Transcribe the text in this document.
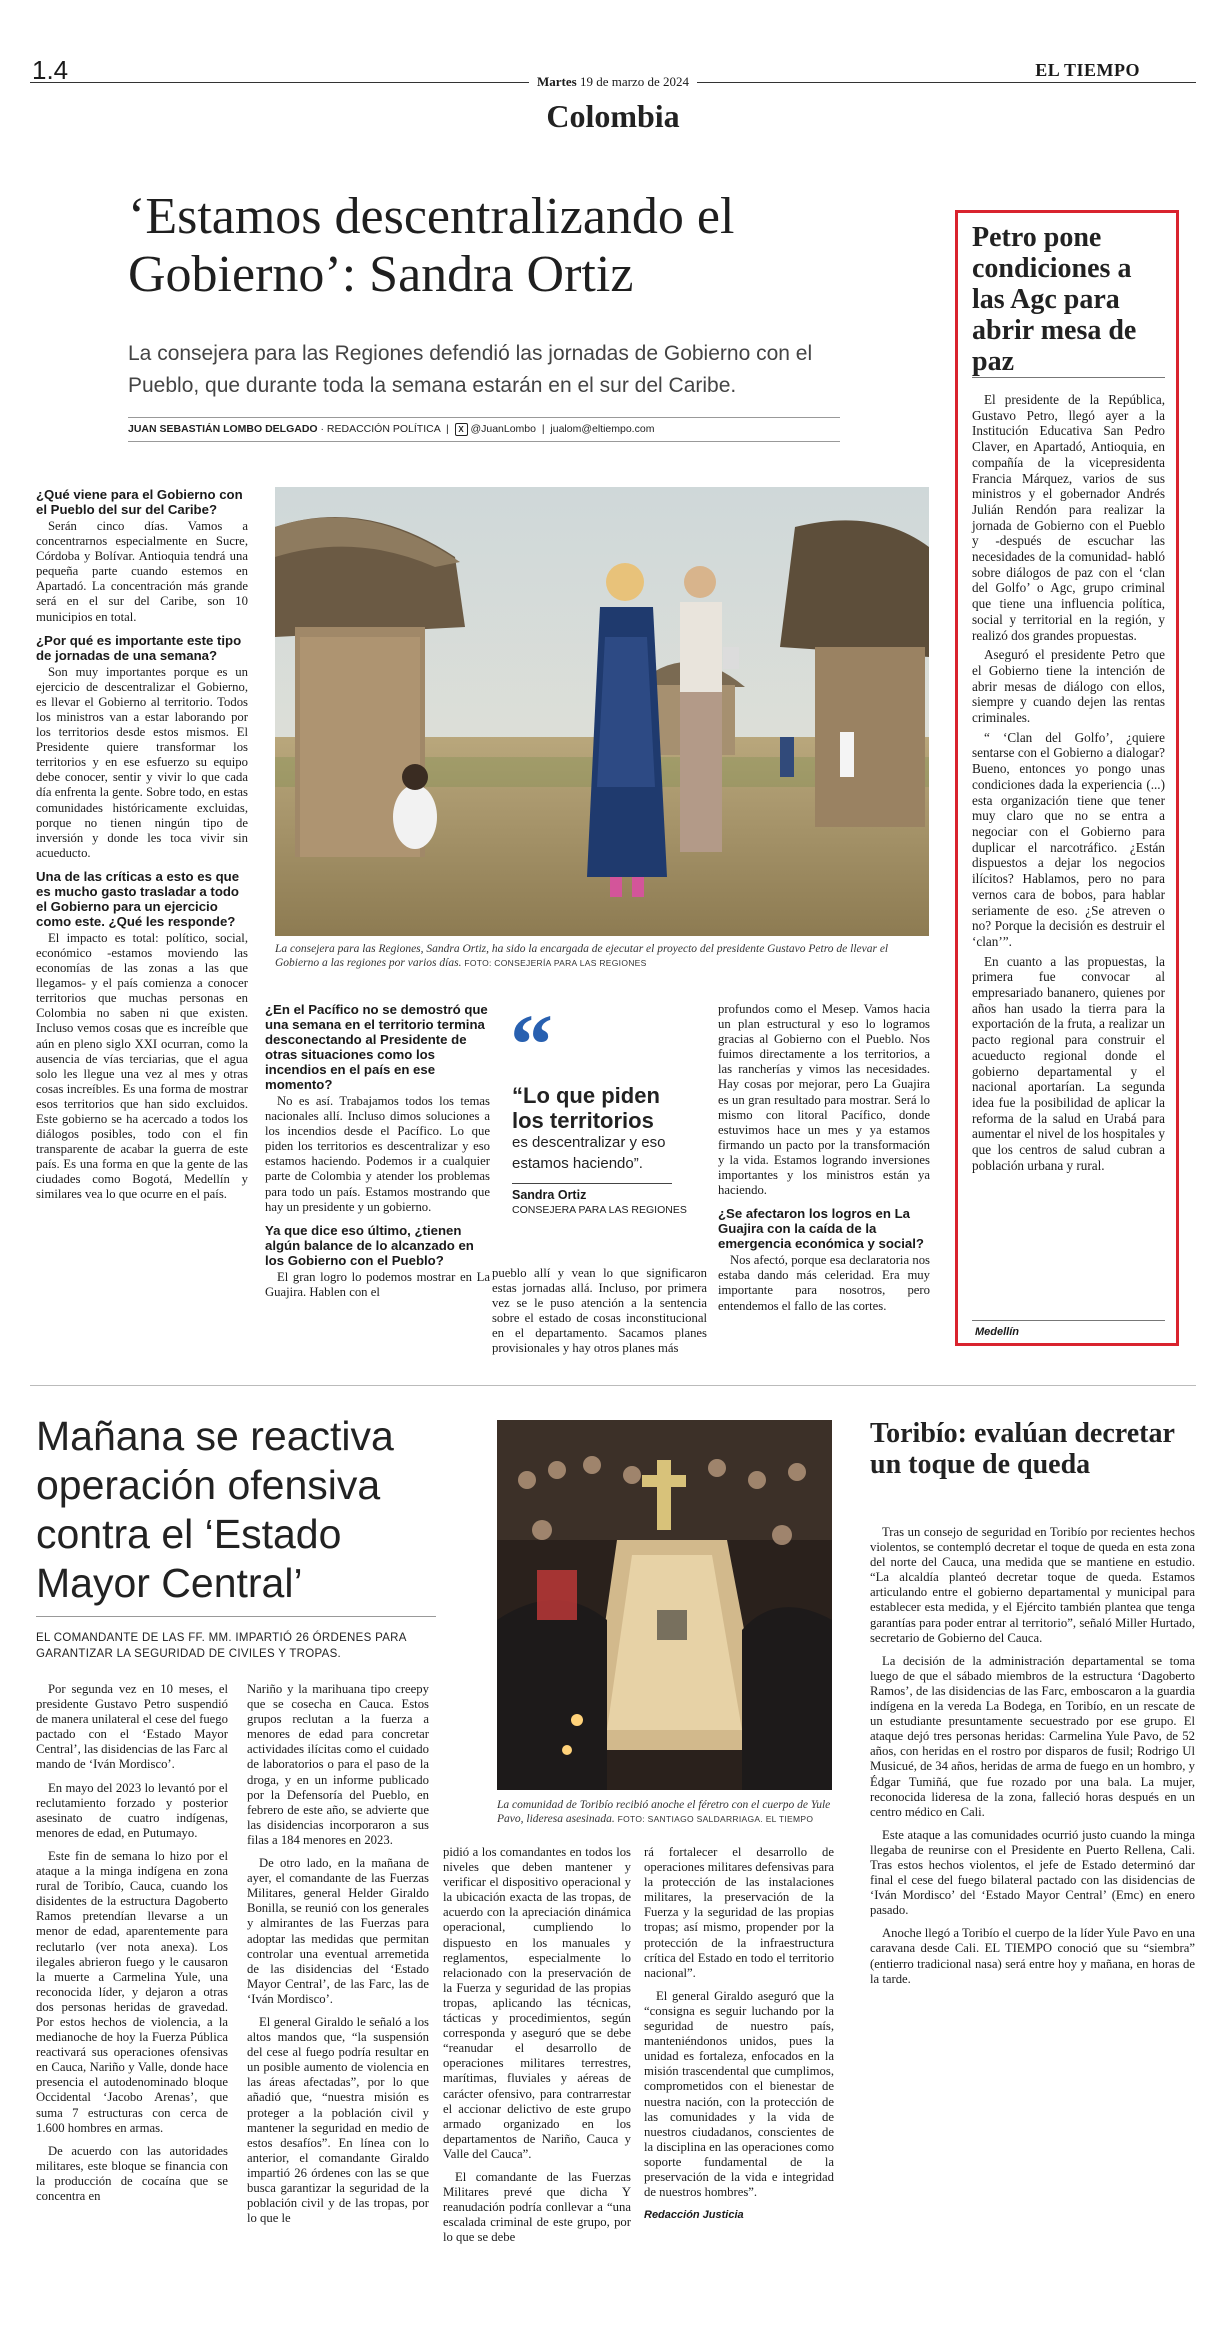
1.4	Martes 19 de marzo de 2024
Colombia
EL TIEMPO
‘Estamos descentralizando el Gobierno’: Sandra Ortiz
La consejera para las Regiones defendió las jornadas de Gobierno con el Pueblo, que durante toda la semana estarán en el sur del Caribe.
JUAN SEBASTIÁN LOMBO DELGADO · REDACCIÓN POLÍTICA  |  X @JuanLombo  |  jualom@eltiempo.com
La consejera para las Regiones, Sandra Ortiz, ha sido la encargada de ejecutar el proyecto del presidente Gustavo Petro de llevar el Gobierno a las regiones por varios días. FOTO: CONSEJERÍA PARA LAS REGIONES
¿Qué viene para el Gobierno con el Pueblo del sur del Caribe?

Serán cinco días. Vamos a concentrarnos especialmente en Sucre, Córdoba y Bolívar. Antioquia tendrá una pequeña parte cuando estemos en Apartadó. La concentración más grande será en el sur del Caribe, son 10 municipios en total.

¿Por qué es importante este tipo de jornadas de una semana?

Son muy importantes porque es un ejercicio de descentralizar el Gobierno, es llevar el Gobierno al territorio. Todos los ministros van a estar laborando por los territorios desde estos mismos. El Presidente quiere transformar los territorios y en ese esfuerzo su equipo debe conocer, sentir y vivir lo que cada día enfrenta la gente. Sobre todo, en estas comunidades históricamente excluidas, porque no tienen ningún tipo de inversión y donde les toca vivir sin acueducto.

Una de las críticas a esto es que es mucho gasto trasladar a todo el Gobierno para un ejercicio como este. ¿Qué les responde?

El impacto es total: político, social, económico -estamos moviendo las economías de las zonas a las que llegamos- y el país comienza a conocer territorios que muchas personas en Colombia no saben ni que existen. Incluso vemos cosas que es increíble que aún en pleno siglo XXI ocurran, como la ausencia de vías terciarias, que el agua solo les llegue una vez al mes y otras cosas increíbles. Es una forma de mostrar esos territorios que han sido excluidos. Este gobierno se ha acercado a todos los diálogos posibles, todo con el fin transparente de acabar la guerra de este país. Es una forma en que la gente de las ciudades como Bogotá, Medellín y similares vea lo que ocurre en el país.

¿En el Pacífico no se demostró que una semana en el territorio termina desconectando al Presidente de otras situaciones como los incendios en el país en ese momento?

No es así. Trabajamos todos los temas nacionales allí. Incluso dimos soluciones a los incendios desde el Pacífico. Lo que piden los territorios es descentralizar y eso estamos haciendo. Podemos ir a cualquier parte de Colombia y atender los problemas para todo un país. Estamos mostrando que hay un presidente y un gobierno.

Ya que dice eso último, ¿tienen algún balance de lo alcanzado en los Gobierno con el Pueblo?

El gran logro lo podemos mostrar en La Guajira. Hablen con el

“
“Lo que piden los territorios
es descentralizar y eso estamos haciendo”.
Sandra Ortiz
CONSEJERA PARA LAS REGIONES

pueblo allí y vean lo que significaron estas jornadas allá. Incluso, por primera vez se le puso atención a la sentencia sobre el estado de cosas inconstitucional en el departamento. Sacamos planes provisionales y hay otros planes más

profundos como el Mesep. Vamos hacia un plan estructural y eso lo logramos gracias al Gobierno con el Pueblo. Nos fuimos directamente a los territorios, a las rancherías y vimos las necesidades. Hay cosas por mejorar, pero La Guajira es un gran resultado para mostrar. Será lo mismo con litoral Pacífico, donde estuvimos hace un mes y ya estamos firmando un pacto por la transformación y la vida. Estamos logrando inversiones importantes y los ministros están ya haciendo.

¿Se afectaron los logros en La Guajira con la caída de la emergencia económica y social?

Nos afectó, porque esa declaratoria nos estaba dando más celeridad. Era muy importante para nosotros, pero entendemos el fallo de las cortes.

Petro pone condiciones a las Agc para abrir mesa de paz

El presidente de la República, Gustavo Petro, llegó ayer a la Institución Educativa San Pedro Claver, en Apartadó, Antioquia, en compañía de la vicepresidenta Francia Márquez, varios de sus ministros y el gobernador Andrés Julián Rendón para realizar la jornada de Gobierno con el Pueblo y -después de escuchar las necesidades de la comunidad- habló sobre diálogos de paz con el ‘clan del Golfo’ o Agc, grupo criminal que tiene una influencia política, social y territorial en la región, y realizó dos grandes propuestas.

Aseguró el presidente Petro que el Gobierno tiene la intención de abrir mesas de diálogo con ellos, siempre y cuando dejen las rentas criminales.

“ ‘Clan del Golfo’, ¿quiere sentarse con el Gobierno a dialogar? Bueno, entonces yo pongo unas condiciones dada la experiencia (...) esta organización tiene que tener muy claro que no se entra a negociar con el Gobierno para duplicar el narcotráfico. ¿Están dispuestos a dejar los negocios ilícitos? Hablamos, pero no para vernos cara de bobos, para hablar seriamente de eso. ¿Se atreven o no? Porque la decisión es destruir el ‘clan’”.

En cuanto a las propuestas, la primera fue convocar al empresariado bananero, quienes por años han usado la tierra para la exportación de la fruta, a realizar un pacto regional para construir el acueducto regional donde el gobierno departamental y el nacional aportarían. La segunda idea fue la posibilidad de aplicar la reforma de la salud en Urabá para aumentar el nivel de los hospitales y que los centros de salud cubran a población urbana y rural.

Medellín
Mañana se reactiva operación ofensiva contra el ‘Estado Mayor Central’
EL COMANDANTE DE LAS FF. MM. IMPARTIÓ 26 ÓRDENES PARA GARANTIZAR LA SEGURIDAD DE CIVILES Y TROPAS.
La comunidad de Toribío recibió anoche el féretro con el cuerpo de Yule Pavo, lideresa asesinada. FOTO: SANTIAGO SALDARRIAGA. EL TIEMPO

Por segunda vez en 10 meses, el presidente Gustavo Petro suspendió de manera unilateral el cese del fuego pactado con el ‘Estado Mayor Central’, las disidencias de las Farc al mando de ‘Iván Mordisco’.

En mayo del 2023 lo levantó por el reclutamiento forzado y posterior asesinato de cuatro indígenas, menores de edad, en Putumayo.

Este fin de semana lo hizo por el ataque a la minga indígena en zona rural de Toribío, Cauca, cuando los disidentes de la estructura Dagoberto Ramos pretendían llevarse a un menor de edad, aparentemente para reclutarlo (ver nota anexa). Los ilegales abrieron fuego y le causaron la muerte a Carmelina Yule, una reconocida líder, y dejaron a otras dos personas heridas de gravedad. Por estos hechos de violencia, a la medianoche de hoy la Fuerza Pública reactivará sus operaciones ofensivas en Cauca, Nariño y Valle, donde hace presencia el autodenominado bloque Occidental ‘Jacobo Arenas’, que suma 7 estructuras con cerca de 1.600 hombres en armas.

De acuerdo con las autoridades militares, este bloque se financia con la producción de cocaína que se concentra en

Nariño y la marihuana tipo creepy que se cosecha en Cauca. Estos grupos reclutan a la fuerza a menores de edad para concretar actividades ilícitas como el cuidado de laboratorios o para el paso de la droga, y en un informe publicado por la Defensoría del Pueblo, en febrero de este año, se advierte que las disidencias incorporaron a sus filas a 184 menores en 2023.

De otro lado, en la mañana de ayer, el comandante de las Fuerzas Militares, general Helder Giraldo Bonilla, se reunió con los generales y almirantes de las Fuerzas para adoptar las medidas que permitan controlar una eventual arremetida de las disidencias del ‘Estado Mayor Central’, de las Farc, las de ‘Iván Mordisco’.

El general Giraldo le señaló a los altos mandos que, “la suspensión del cese al fuego podría resultar en un posible aumento de violencia en las áreas afectadas”, por lo que añadió que, “nuestra misión es proteger a la población civil y mantener la seguridad en medio de estos desafíos”. En línea con lo anterior, el comandante Giraldo impartió 26 órdenes con las se que busca garantizar la seguridad de la población civil y de las tropas, por lo que le

pidió a los comandantes en todos los niveles que deben mantener y verificar el dispositivo operacional y la ubicación exacta de las tropas, de acuerdo con la apreciación dinámica operacional, cumpliendo lo dispuesto en los manuales y reglamentos, especialmente lo relacionado con la preservación de la Fuerza y seguridad de las propias tropas, aplicando las técnicas, tácticas y procedimientos, según corresponda y aseguró que se debe “reanudar el desarrollo de operaciones militares terrestres, marítimas, fluviales y aéreas de carácter ofensivo, para contrarrestar el accionar delictivo de este grupo armado organizado en los departamentos de Nariño, Cauca y Valle del Cauca”.

El comandante de las Fuerzas Militares prevé que dicha Y reanudación podría conllevar a “una escalada criminal de este grupo, por lo que se debe

rá fortalecer el desarrollo de operaciones militares defensivas para la protección de las instalaciones militares, la preservación de la Fuerza y la seguridad de las propias tropas; así mismo, propender por la protección de la infraestructura crítica del Estado en todo el territorio nacional”.

El general Giraldo aseguró que la “consigna es seguir luchando por la seguridad de nuestro país, manteniéndonos unidos, pues la unidad es fortaleza, enfocados en la misión trascendental que cumplimos, comprometidos con el bienestar de nuestra nación, con la protección de las comunidades y la vida de nuestros ciudadanos, conscientes de la disciplina en las operaciones como soporte fundamental de la preservación de la vida e integridad de nuestros hombres”.

Redacción Justicia
Toribío: evalúan decretar un toque de queda

Tras un consejo de seguridad en Toribío por recientes hechos violentos, se contempló decretar el toque de queda en esta zona del norte del Cauca, una medida que se mantiene en estudio. “La alcaldía planteó decretar toque de queda. Estamos articulando entre el gobierno departamental y municipal para establecer esta medida, y el Ejército también plantea que tenga garantías para poder entrar al territorio”, señaló Miller Hurtado, secretario de Gobierno del Cauca.

La decisión de la administración departamental se toma luego de que el sábado miembros de la estructura ‘Dagoberto Ramos’, de las disidencias de las Farc, emboscaron a la guardia indígena en la vereda La Bodega, en Toribío, en un rescate de un estudiante presuntamente secuestrado por ese grupo. El ataque dejó tres personas heridas: Carmelina Yule Pavo, de 52 años, con heridas en el rostro por disparos de fusil; Rodrigo Ul Musicué, de 34 años, heridas de arma de fuego en un hombro, y Édgar Tumiñá, que fue rozado por una bala. La mujer, reconocida lideresa de la zona, falleció horas después en un centro médico en Cali.

Este ataque a las comunidades ocurrió justo cuando la minga llegaba de reunirse con el Presidente en Puerto Rellena, Cali. Tras estos hechos violentos, el jefe de Estado determinó dar final el cese del fuego bilateral pactado con las disidencias de ‘Iván Mordisco’ del ‘Estado Mayor Central’ (Emc) en enero pasado.

Anoche llegó a Toribío el cuerpo de la líder Yule Pavo en una caravana desde Cali. EL TIEMPO conoció que su “siembra” (entierro tradicional nasa) será entre hoy y mañana, en horas de la tarde.
